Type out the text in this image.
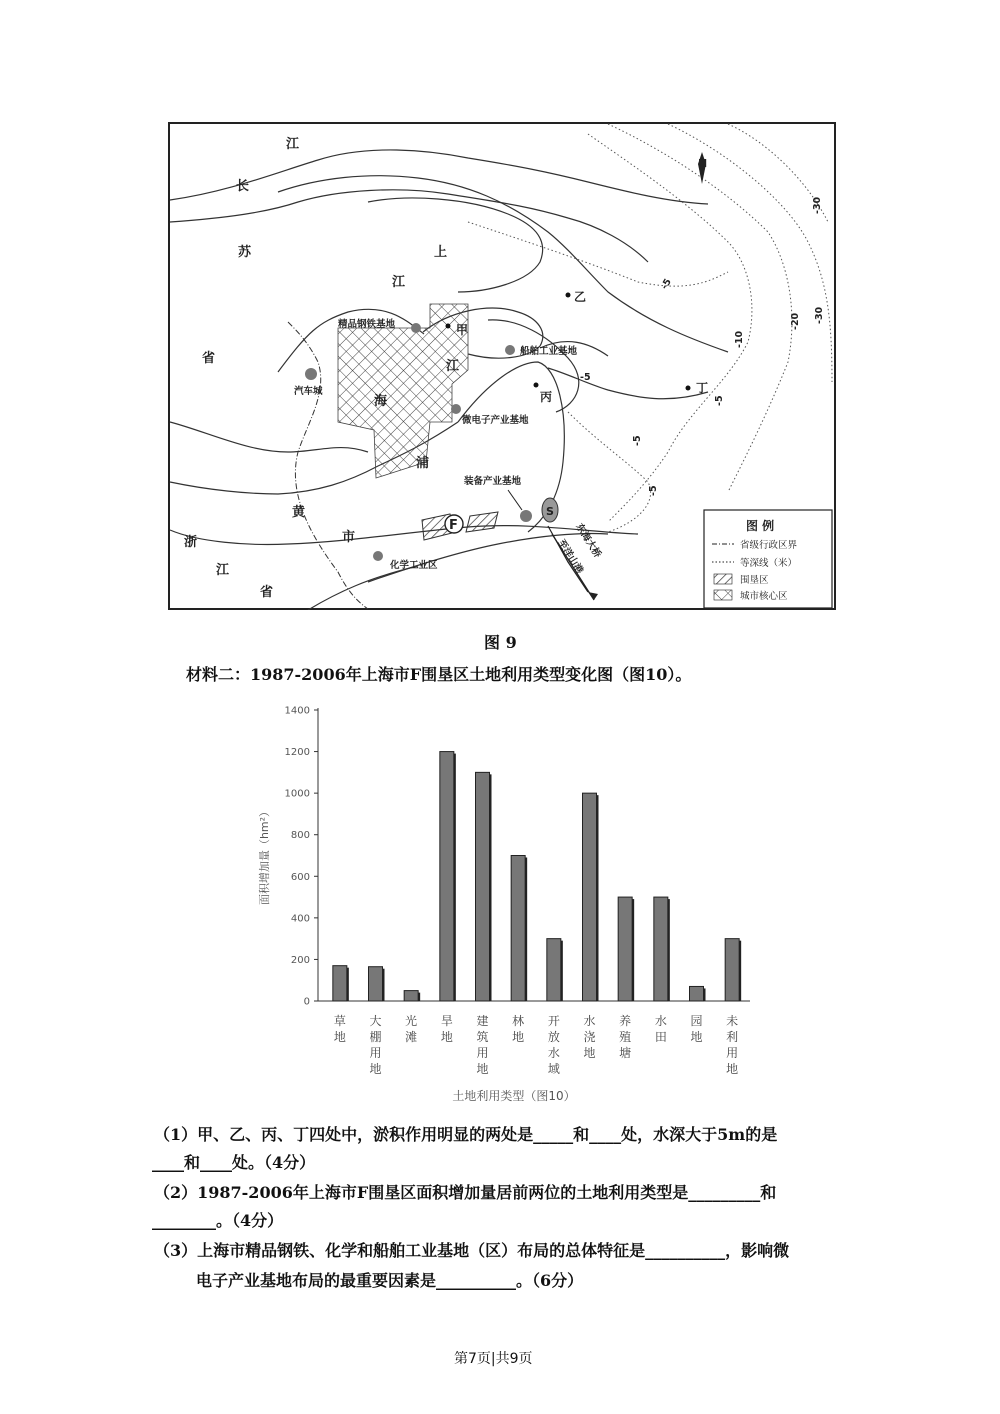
江
长
苏	上
江
省
海
浦
江
黄
市
浙
江
省
甲
乙
丙
丁
精品钢铁基地
船舶工业基地
汽车城
微电子产业基地
装备产业基地
化学工业区
F
S
东海大桥
至洋山港
N
-5
-5
-5
-5
-5
-10
-20
-30
-30
图 例
省级行政区界
等深线（米）
围垦区
城市核心区
图 9
材料二：1987-2006年上海市F围垦区土地利用类型变化图（图10）。
0
200
400
600
800
1000
1200
1400
面积增加量（hm²）
草地
大棚用地
光滩
旱地
建筑用地
林地
开放水域
水浇地
养殖塘
水田
园地
未利用地
土地利用类型（图10）
（1）甲、乙、丙、丁四处中，淤积作用明显的两处是_____和____处，水深大于5m的是
____和____处。（4分）
（2）1987-2006年上海市F围垦区面积增加量居前两位的土地利用类型是_________和
________。（4分）
（3）上海市精品钢铁、化学和船舶工业基地（区）布局的总体特征是__________，影响微
电子产业基地布局的最重要因素是__________。（6分）
第7页|共9页
